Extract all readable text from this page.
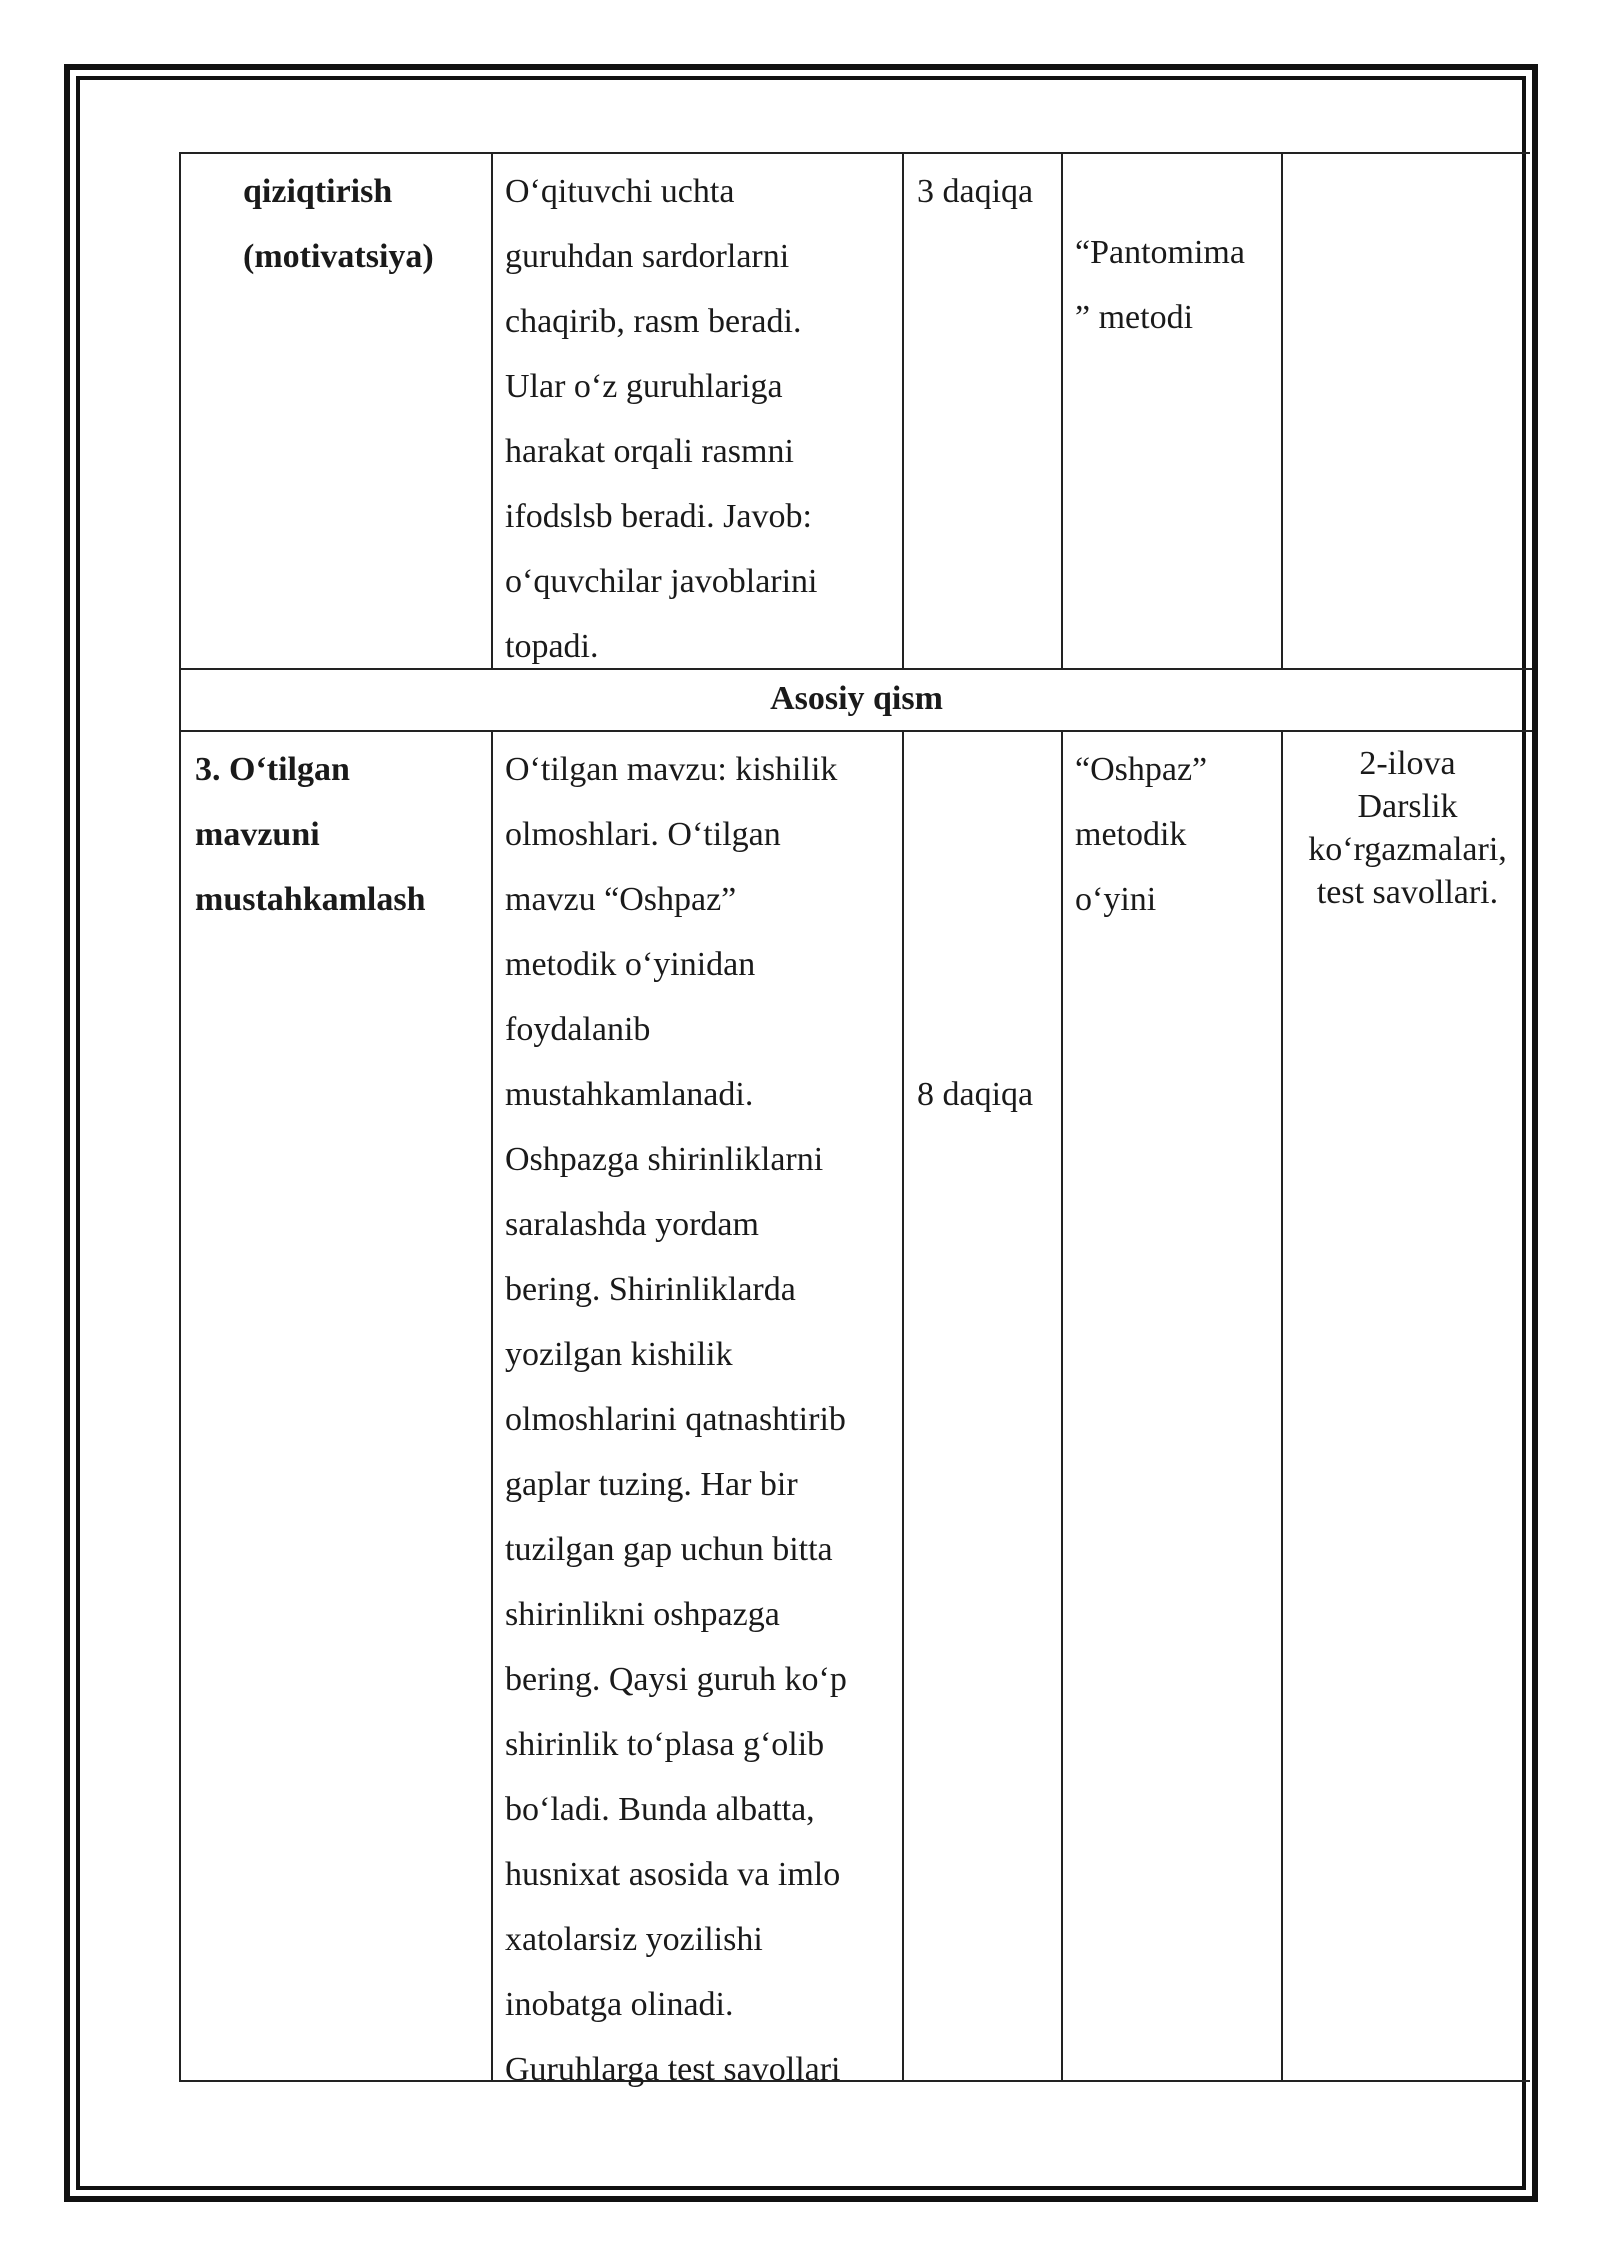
qiziqtirish
(motivatsiya)
O‘qituvchi uchta
guruhdan sardorlarni
chaqirib, rasm beradi.
Ular o‘z guruhlariga
harakat orqali rasmni
ifodslsb beradi. Javob:
o‘quvchilar javoblarini
topadi.
3 daqiqa
“Pantomima
” metodi
Asosiy qism
3. O‘tilgan
mavzuni
mustahkamlash
O‘tilgan mavzu: kishilik
olmoshlari. O‘tilgan
mavzu “Oshpaz”
metodik o‘yinidan
foydalanib
mustahkamlanadi.
Oshpazga shirinliklarni
saralashda yordam
bering. Shirinliklarda
yozilgan kishilik
olmoshlarini qatnashtirib
gaplar tuzing. Har bir
tuzilgan gap uchun bitta
shirinlikni oshpazga
bering. Qaysi guruh ko‘p
shirinlik to‘plasa g‘olib
bo‘ladi. Bunda albatta,
husnixat asosida va imlo
xatolarsiz yozilishi
inobatga olinadi.
Guruhlarga test savollari
8 daqiqa
“Oshpaz”
metodik
o‘yini
2-ilova
Darslik
ko‘rgazmalari,
test savollari.
